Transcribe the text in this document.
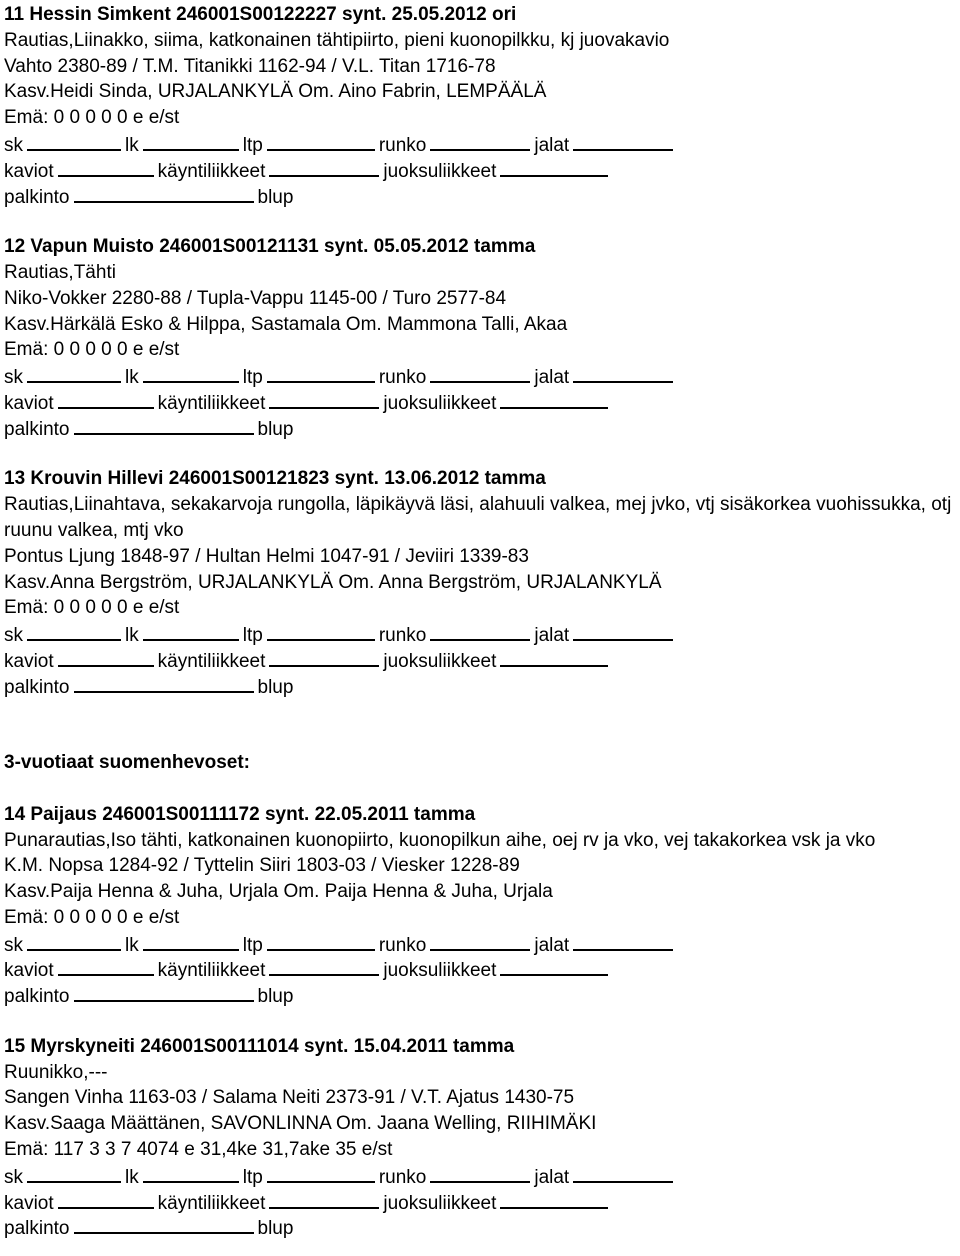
11 Hessin Simkent 246001S00122227 synt. 25.05.2012 ori
Rautias,Liinakko, siima, katkonainen tähtipiirto, pieni kuonopilkku, kj juovakavio
Vahto 2380-89 / T.M. Titanikki 1162-94 / V.L. Titan 1716-78
Kasv.Heidi Sinda, URJALANKYLÄ Om. Aino Fabrin, LEMPÄÄLÄ
Emä: 0 0 0 0 0 e e/st
sk	lk	ltp	runko	jalat
kaviot	käyntiliikkeet	juoksuliikkeet
palkinto	blup
12 Vapun Muisto 246001S00121131 synt. 05.05.2012 tamma
Rautias,Tähti
Niko-Vokker 2280-88 / Tupla-Vappu 1145-00 / Turo 2577-84
Kasv.Härkälä Esko & Hilppa, Sastamala Om. Mammona Talli, Akaa
Emä: 0 0 0 0 0 e e/st
sk	lk	ltp	runko	jalat
kaviot	käyntiliikkeet	juoksuliikkeet
palkinto	blup
13 Krouvin Hillevi 246001S00121823 synt. 13.06.2012 tamma
Rautias,Liinahtava, sekakarvoja rungolla, läpikäyvä läsi, alahuuli valkea, mej jvko, vtj sisäkorkea vuohissukka, otj ruunu valkea, mtj vko
Pontus Ljung 1848-97 / Hultan Helmi 1047-91 / Jeviiri 1339-83
Kasv.Anna Bergström, URJALANKYLÄ Om. Anna Bergström, URJALANKYLÄ
Emä: 0 0 0 0 0 e e/st
sk	lk	ltp	runko	jalat
kaviot	käyntiliikkeet	juoksuliikkeet
palkinto	blup
3-vuotiaat suomenhevoset:
14 Paijaus 246001S00111172 synt. 22.05.2011 tamma
Punarautias,Iso tähti, katkonainen kuonopiirto, kuonopilkun aihe, oej rv ja vko, vej takakorkea vsk ja vko
K.M. Nopsa 1284-92 / Tyttelin Siiri 1803-03 / Viesker 1228-89
Kasv.Paija Henna & Juha, Urjala Om. Paija Henna & Juha, Urjala
Emä: 0 0 0 0 0 e e/st
sk	lk	ltp	runko	jalat
kaviot	käyntiliikkeet	juoksuliikkeet
palkinto	blup
15 Myrskyneiti 246001S00111014 synt. 15.04.2011 tamma
Ruunikko,---
Sangen Vinha 1163-03 / Salama Neiti 2373-91 / V.T. Ajatus 1430-75
Kasv.Saaga Määttänen, SAVONLINNA Om. Jaana Welling, RIIHIMÄKI
Emä: 117 3 3 7 4074 e 31,4ke 31,7ake 35 e/st
sk	lk	ltp	runko	jalat
kaviot	käyntiliikkeet	juoksuliikkeet
palkinto	blup
